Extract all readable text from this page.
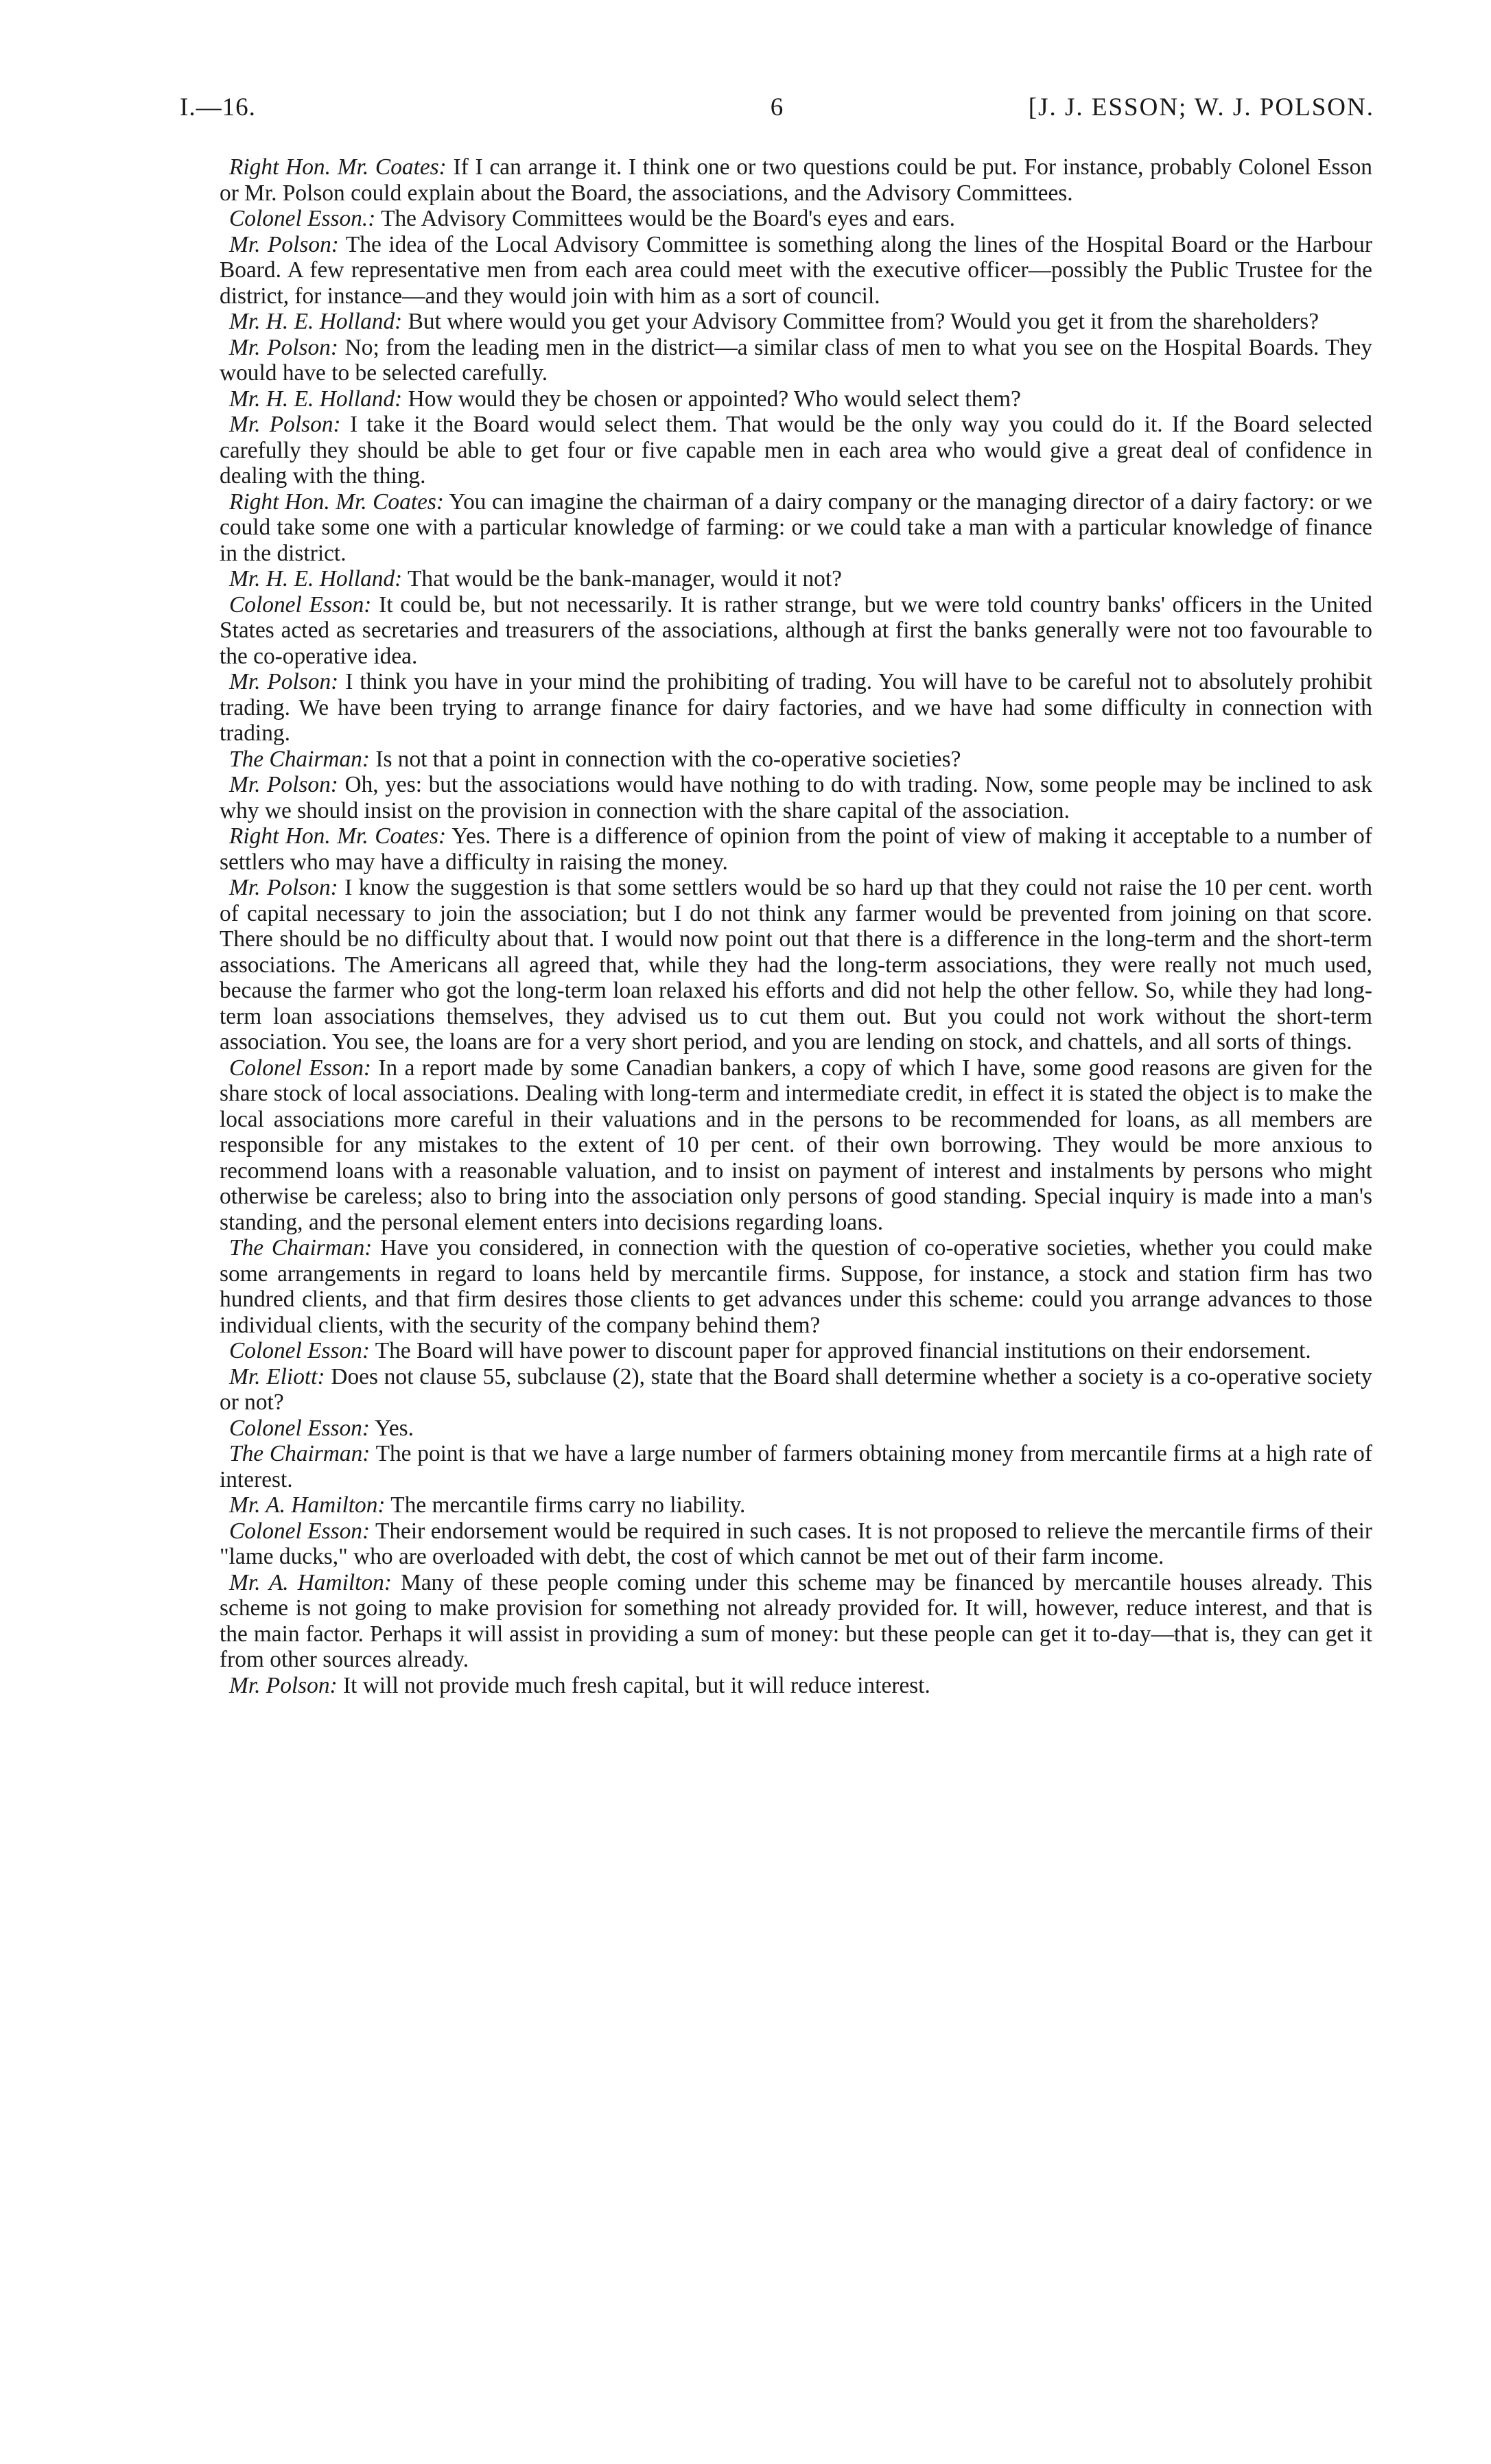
I.—16.	6	[J. J. ESSON; W. J. POLSON.

Right Hon. Mr. Coates: If I can arrange it. I think one or two questions could be put. For instance, probably Colonel Esson or Mr. Polson could explain about the Board, the associations, and the Advisory Committees.

Colonel Esson.: The Advisory Committees would be the Board's eyes and ears.

Mr. Polson: The idea of the Local Advisory Committee is something along the lines of the Hospital Board or the Harbour Board. A few representative men from each area could meet with the executive officer—possibly the Public Trustee for the district, for instance—and they would join with him as a sort of council.

Mr. H. E. Holland: But where would you get your Advisory Committee from? Would you get it from the shareholders?

Mr. Polson: No; from the leading men in the district—a similar class of men to what you see on the Hospital Boards. They would have to be selected carefully.

Mr. H. E. Holland: How would they be chosen or appointed? Who would select them?

Mr. Polson: I take it the Board would select them. That would be the only way you could do it. If the Board selected carefully they should be able to get four or five capable men in each area who would give a great deal of confidence in dealing with the thing.

Right Hon. Mr. Coates: You can imagine the chairman of a dairy company or the managing director of a dairy factory: or we could take some one with a particular knowledge of farming: or we could take a man with a particular knowledge of finance in the district.

Mr. H. E. Holland: That would be the bank-manager, would it not?

Colonel Esson: It could be, but not necessarily. It is rather strange, but we were told country banks' officers in the United States acted as secretaries and treasurers of the associations, although at first the banks generally were not too favourable to the co-operative idea.

Mr. Polson: I think you have in your mind the prohibiting of trading. You will have to be careful not to absolutely prohibit trading. We have been trying to arrange finance for dairy factories, and we have had some difficulty in connection with trading.

The Chairman: Is not that a point in connection with the co-operative societies?

Mr. Polson: Oh, yes: but the associations would have nothing to do with trading. Now, some people may be inclined to ask why we should insist on the provision in connection with the share capital of the association.

Right Hon. Mr. Coates: Yes. There is a difference of opinion from the point of view of making it acceptable to a number of settlers who may have a difficulty in raising the money.

Mr. Polson: I know the suggestion is that some settlers would be so hard up that they could not raise the 10 per cent. worth of capital necessary to join the association; but I do not think any farmer would be prevented from joining on that score. There should be no difficulty about that. I would now point out that there is a difference in the long-term and the short-term associations. The Americans all agreed that, while they had the long-term associations, they were really not much used, because the farmer who got the long-term loan relaxed his efforts and did not help the other fellow. So, while they had long-term loan associations themselves, they advised us to cut them out. But you could not work without the short-term association. You see, the loans are for a very short period, and you are lending on stock, and chattels, and all sorts of things.

Colonel Esson: In a report made by some Canadian bankers, a copy of which I have, some good reasons are given for the share stock of local associations. Dealing with long-term and intermediate credit, in effect it is stated the object is to make the local associations more careful in their valuations and in the persons to be recommended for loans, as all members are responsible for any mistakes to the extent of 10 per cent. of their own borrowing. They would be more anxious to recommend loans with a reasonable valuation, and to insist on payment of interest and instalments by persons who might otherwise be careless; also to bring into the association only persons of good standing. Special inquiry is made into a man's standing, and the personal element enters into decisions regarding loans.

The Chairman: Have you considered, in connection with the question of co-operative societies, whether you could make some arrangements in regard to loans held by mercantile firms. Suppose, for instance, a stock and station firm has two hundred clients, and that firm desires those clients to get advances under this scheme: could you arrange advances to those individual clients, with the security of the company behind them?

Colonel Esson: The Board will have power to discount paper for approved financial institutions on their endorsement.

Mr. Eliott: Does not clause 55, subclause (2), state that the Board shall determine whether a society is a co-operative society or not?

Colonel Esson: Yes.

The Chairman: The point is that we have a large number of farmers obtaining money from mercantile firms at a high rate of interest.

Mr. A. Hamilton: The mercantile firms carry no liability.

Colonel Esson: Their endorsement would be required in such cases. It is not proposed to relieve the mercantile firms of their "lame ducks," who are overloaded with debt, the cost of which cannot be met out of their farm income.

Mr. A. Hamilton: Many of these people coming under this scheme may be financed by mercantile houses already. This scheme is not going to make provision for something not already provided for. It will, however, reduce interest, and that is the main factor. Perhaps it will assist in providing a sum of money: but these people can get it to-day—that is, they can get it from other sources already.

Mr. Polson: It will not provide much fresh capital, but it will reduce interest.
